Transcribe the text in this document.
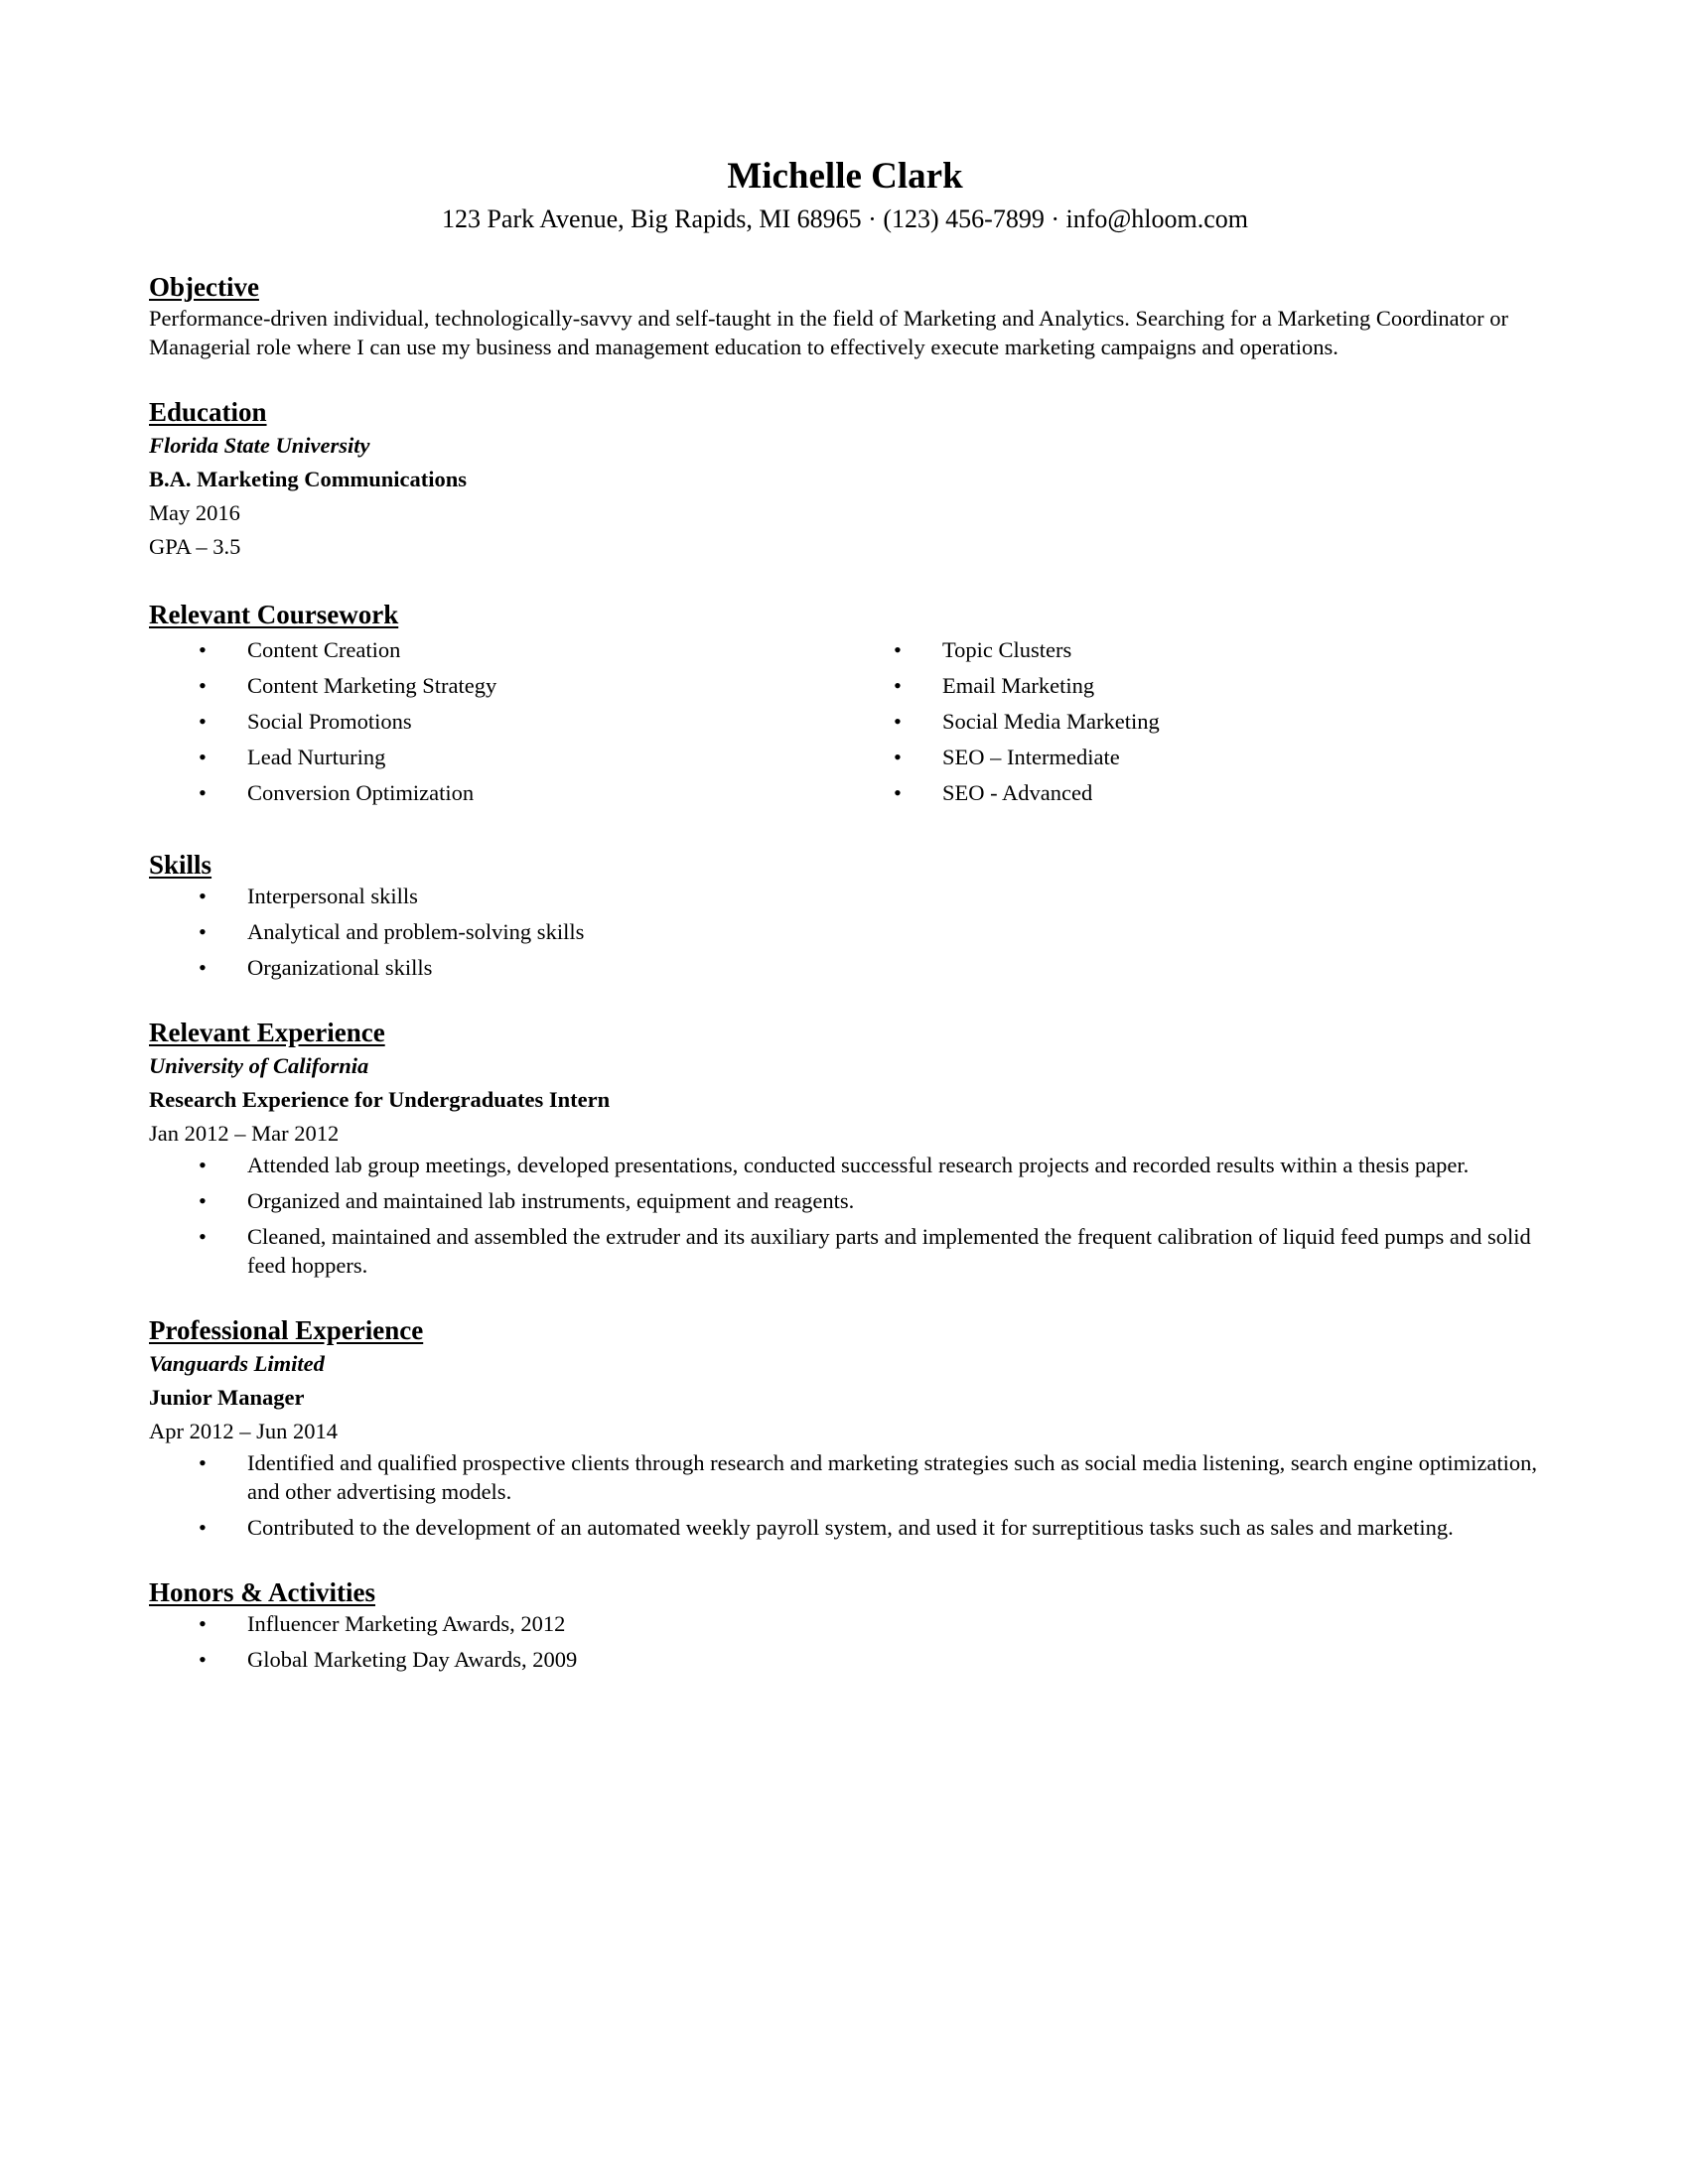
Michelle Clark

123 Park Avenue, Big Rapids, MI 68965 · (123) 456-7899 · info@hloom.com

Objective

Performance-driven individual, technologically-savvy and self-taught in the field of Marketing and Analytics. Searching for a Marketing Coordinator or Managerial role where I can use my business and management education to effectively execute marketing campaigns and operations.

Education

Florida State University

B.A. Marketing Communications

May 2016

GPA – 3.5

Relevant Coursework
• Content Creation
• Content Marketing Strategy
• Social Promotions
• Lead Nurturing
• Conversion Optimization
• Topic Clusters
• Email Marketing
• Social Media Marketing
• SEO – Intermediate
• SEO - Advanced
Skills
• Interpersonal skills
• Analytical and problem-solving skills
• Organizational skills
Relevant Experience

University of California

Research Experience for Undergraduates Intern

Jan 2012 – Mar 2012

• Attended lab group meetings, developed presentations, conducted successful research projects and recorded results within a thesis paper.
• Organized and maintained lab instruments, equipment and reagents.
• Cleaned, maintained and assembled the extruder and its auxiliary parts and implemented the frequent calibration of liquid feed pumps and solid feed hoppers.
Professional Experience

Vanguards Limited

Junior Manager

Apr 2012 – Jun 2014

• Identified and qualified prospective clients through research and marketing strategies such as social media listening, search engine optimization, and other advertising models.
• Contributed to the development of an automated weekly payroll system, and used it for surreptitious tasks such as sales and marketing.
Honors & Activities
• Influencer Marketing Awards, 2012
• Global Marketing Day Awards, 2009
